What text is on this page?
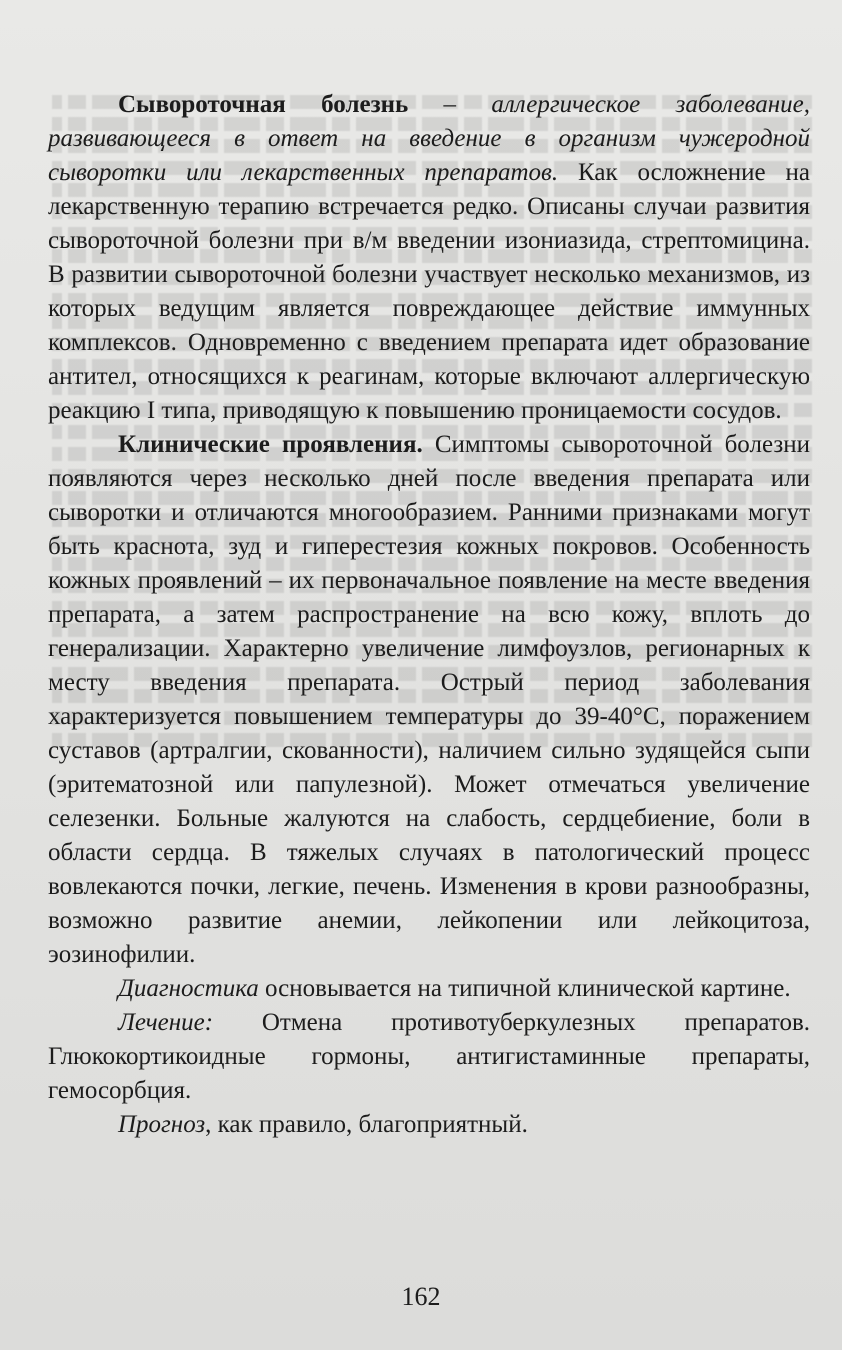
Сывороточная болезнь – аллергическое заболевание, развивающееся в ответ на введение в организм чужеродной сыворотки или лекарственных препаратов. Как осложнение на лекарственную терапию встречается редко. Описаны случаи развития сывороточной болезни при в/м введении изониазида, стрептомицина. В развитии сывороточной болезни участвует несколько механизмов, из которых ведущим является повреждающее действие иммунных комплексов. Одновременно с введением препарата идет образование антител, относящихся к реагинам, которые включают аллергическую реакцию I типа, приводящую к повышению проницаемости сосудов.

Клинические проявления. Симптомы сывороточной болезни появляются через несколько дней после введения препарата или сыворотки и отличаются многообразием. Ранними признаками могут быть краснота, зуд и гиперестезия кожных покровов. Особенность кожных проявлений – их первоначальное появление на месте введения препарата, а затем распространение на всю кожу, вплоть до генерализации. Характерно увеличение лимфоузлов, регионарных к месту введения препарата. Острый период заболевания характеризуется повышением температуры до 39-40°С, поражением суставов (артралгии, скованности), наличием сильно зудящейся сыпи (эритематозной или папулезной). Может отмечаться увеличение селезенки. Больные жалуются на слабость, сердцебиение, боли в области сердца. В тяжелых случаях в патологический процесс вовлекаются почки, легкие, печень. Изменения в крови разнообразны, возможно развитие анемии, лейкопении или лейкоцитоза, эозинофилии.

Диагностика основывается на типичной клинической картине.

Лечение: Отмена противотуберкулезных препаратов. Глюкокортикоидные гормоны, антигистаминные препараты, гемосорбция.

Прогноз, как правило, благоприятный.

162
